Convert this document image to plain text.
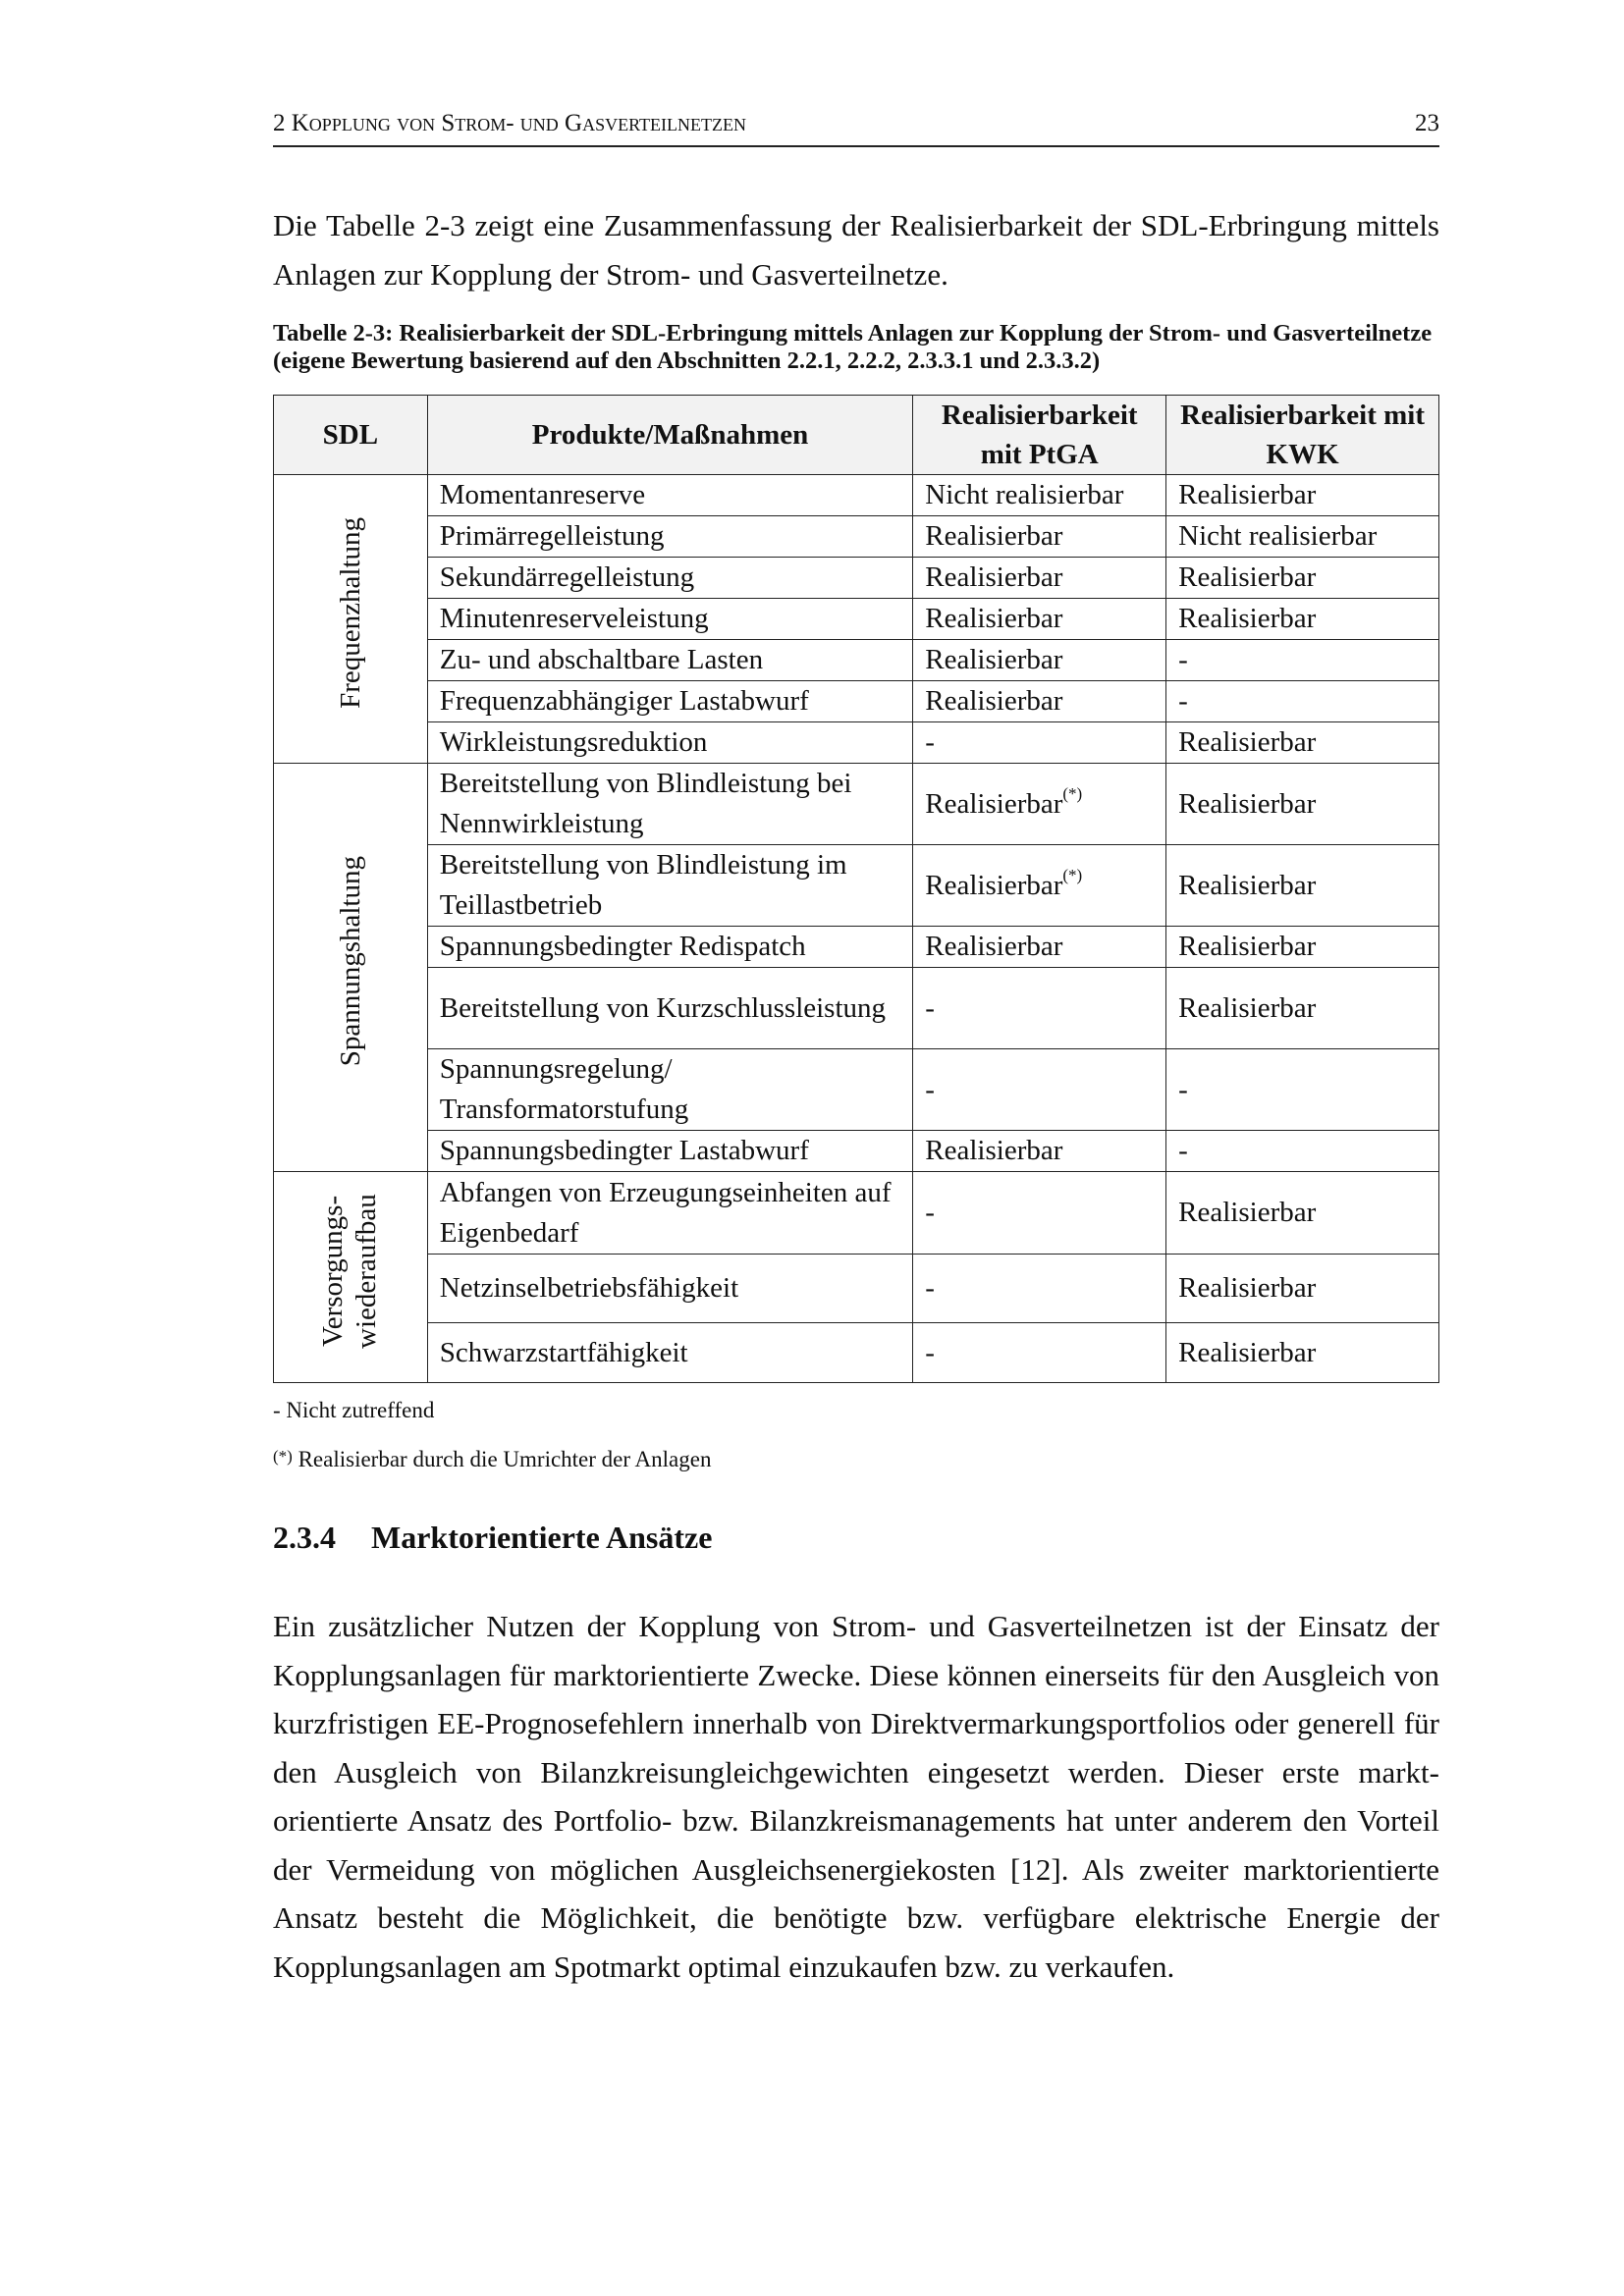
2 Kopplung von Strom- und Gasverteilnetzen	23
Die Tabelle 2-3 zeigt eine Zusammenfassung der Realisierbarkeit der SDL-Erbringung mittels Anlagen zur Kopplung der Strom- und Gasverteilnetze.
Tabelle 2-3: Realisierbarkeit der SDL-Erbringung mittels Anlagen zur Kopplung der Strom- und Gasverteilnetze (eigene Bewertung basierend auf den Abschnitten 2.2.1, 2.2.2, 2.3.3.1 und 2.3.3.2)
SDL	Produkte/Maßnahmen	Realisierbarkeit mit PtGA	Realisierbarkeit mit KWK
Frequenzhaltung	Momentanreserve	Nicht realisierbar	Realisierbar
	Primärregelleistung	Realisierbar	Nicht realisierbar
	Sekundärregelleistung	Realisierbar	Realisierbar
	Minutenreserveleistung	Realisierbar	Realisierbar
	Zu- und abschaltbare Lasten	Realisierbar	-
	Frequenzabhängiger Lastabwurf	Realisierbar	-
	Wirkleistungsreduktion	-	Realisierbar
Spannungshaltung	Bereitstellung von Blindleistung bei Nennwirkleistung	Realisierbar(*)	Realisierbar
	Bereitstellung von Blindleistung im Teillastbetrieb	Realisierbar(*)	Realisierbar
	Spannungsbedingter Redispatch	Realisierbar	Realisierbar
	Bereitstellung von Kurzschlussleistung	-	Realisierbar
	Spannungsregelung/ Transformatorstufung	-	-
	Spannungsbedingter Lastabwurf	Realisierbar	-
Versorgungs- wiederaufbau	Abfangen von Erzeugungseinheiten auf Eigenbedarf	-	Realisierbar
	Netzinselbetriebsfähigkeit	-	Realisierbar
	Schwarzstartfähigkeit	-	Realisierbar
- Nicht zutreffend
(*) Realisierbar durch die Umrichter der Anlagen
2.3.4 Marktorientierte Ansätze
Ein zusätzlicher Nutzen der Kopplung von Strom- und Gasverteilnetzen ist der Einsatz der Kopplungsanlagen für marktorientierte Zwecke. Diese können einerseits für den Ausgleich von kurzfristigen EE-Prognosefehlern innerhalb von Direktvermarkungsportfolios oder generell für den Ausgleich von Bilanzkreisungleichgewichten eingesetzt werden. Dieser erste marktorientierte Ansatz des Portfolio- bzw. Bilanzkreismanagements hat unter anderem den Vorteil der Vermeidung von möglichen Ausgleichsenergiekosten [12]. Als zweiter marktorientierte Ansatz besteht die Möglichkeit, die benötigte bzw. verfügbare elektrische Energie der Kopplungsanlagen am Spotmarkt optimal einzukaufen bzw. zu verkaufen.
